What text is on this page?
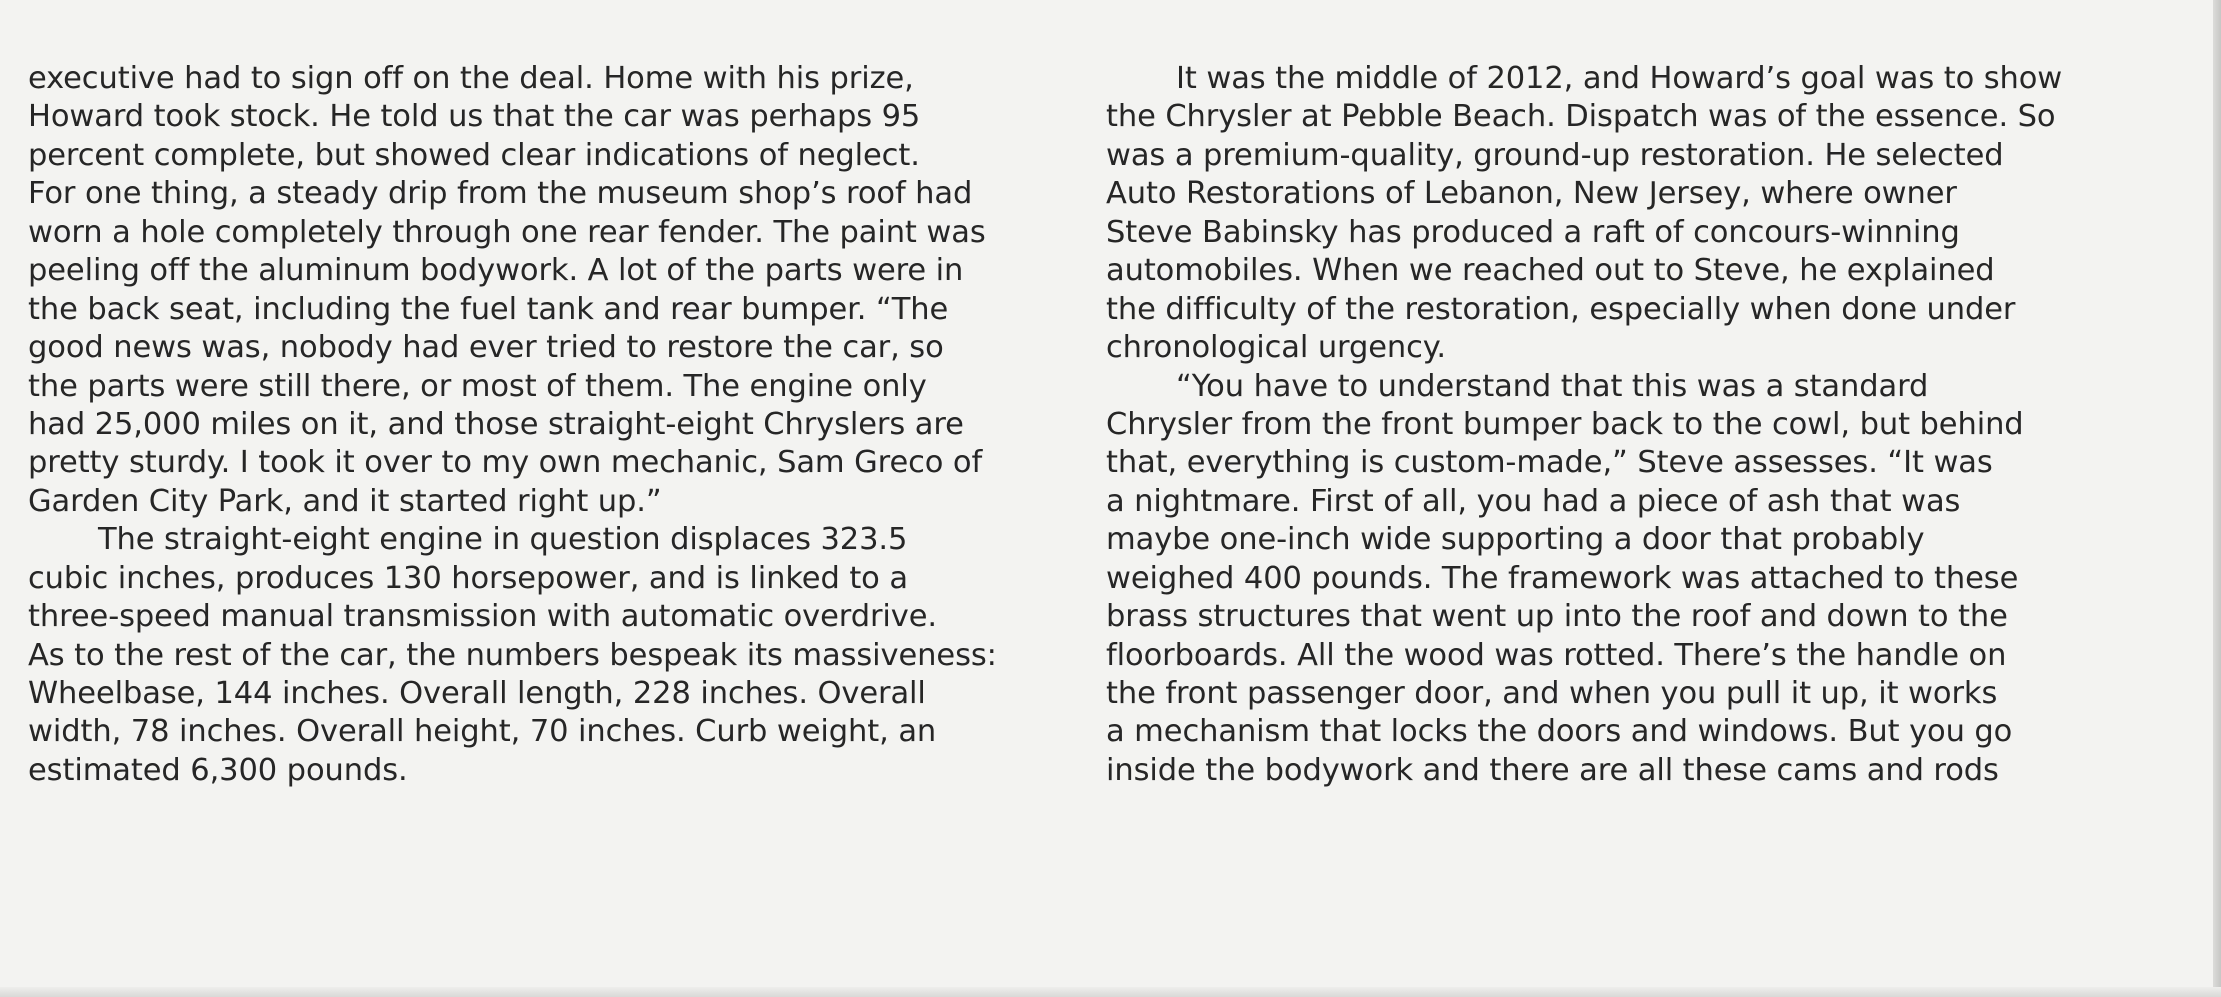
executive had to sign off on the deal. Home with his prize,
Howard took stock. He told us that the car was perhaps 95
percent complete, but showed clear indications of neglect.
For one thing, a steady drip from the museum shop’s roof had
worn a hole completely through one rear fender. The paint was
peeling off the aluminum bodywork. A lot of the parts were in
the back seat, including the fuel tank and rear bumper. “The
good news was, nobody had ever tried to restore the car, so
the parts were still there, or most of them. The engine only
had 25,000 miles on it, and those straight-eight Chryslers are
pretty sturdy. I took it over to my own mechanic, Sam Greco of
Garden City Park, and it started right up.”
The straight-eight engine in question displaces 323.5
cubic inches, produces 130 horsepower, and is linked to a
three-speed manual transmission with automatic overdrive.
As to the rest of the car, the numbers bespeak its massiveness:
Wheelbase, 144 inches. Overall length, 228 inches. Overall
width, 78 inches. Overall height, 70 inches. Curb weight, an
estimated 6,300 pounds.
It was the middle of 2012, and Howard’s goal was to show
the Chrysler at Pebble Beach. Dispatch was of the essence. So
was a premium-quality, ground-up restoration. He selected
Auto Restorations of Lebanon, New Jersey, where owner
Steve Babinsky has produced a raft of concours-winning
automobiles. When we reached out to Steve, he explained
the difficulty of the restoration, especially when done under
chronological urgency.
“You have to understand that this was a standard
Chrysler from the front bumper back to the cowl, but behind
that, everything is custom-made,” Steve assesses. “It was
a nightmare. First of all, you had a piece of ash that was
maybe one-inch wide supporting a door that probably
weighed 400 pounds. The framework was attached to these
brass structures that went up into the roof and down to the
floorboards. All the wood was rotted. There’s the handle on
the front passenger door, and when you pull it up, it works
a mechanism that locks the doors and windows. But you go
inside the bodywork and there are all these cams and rods
